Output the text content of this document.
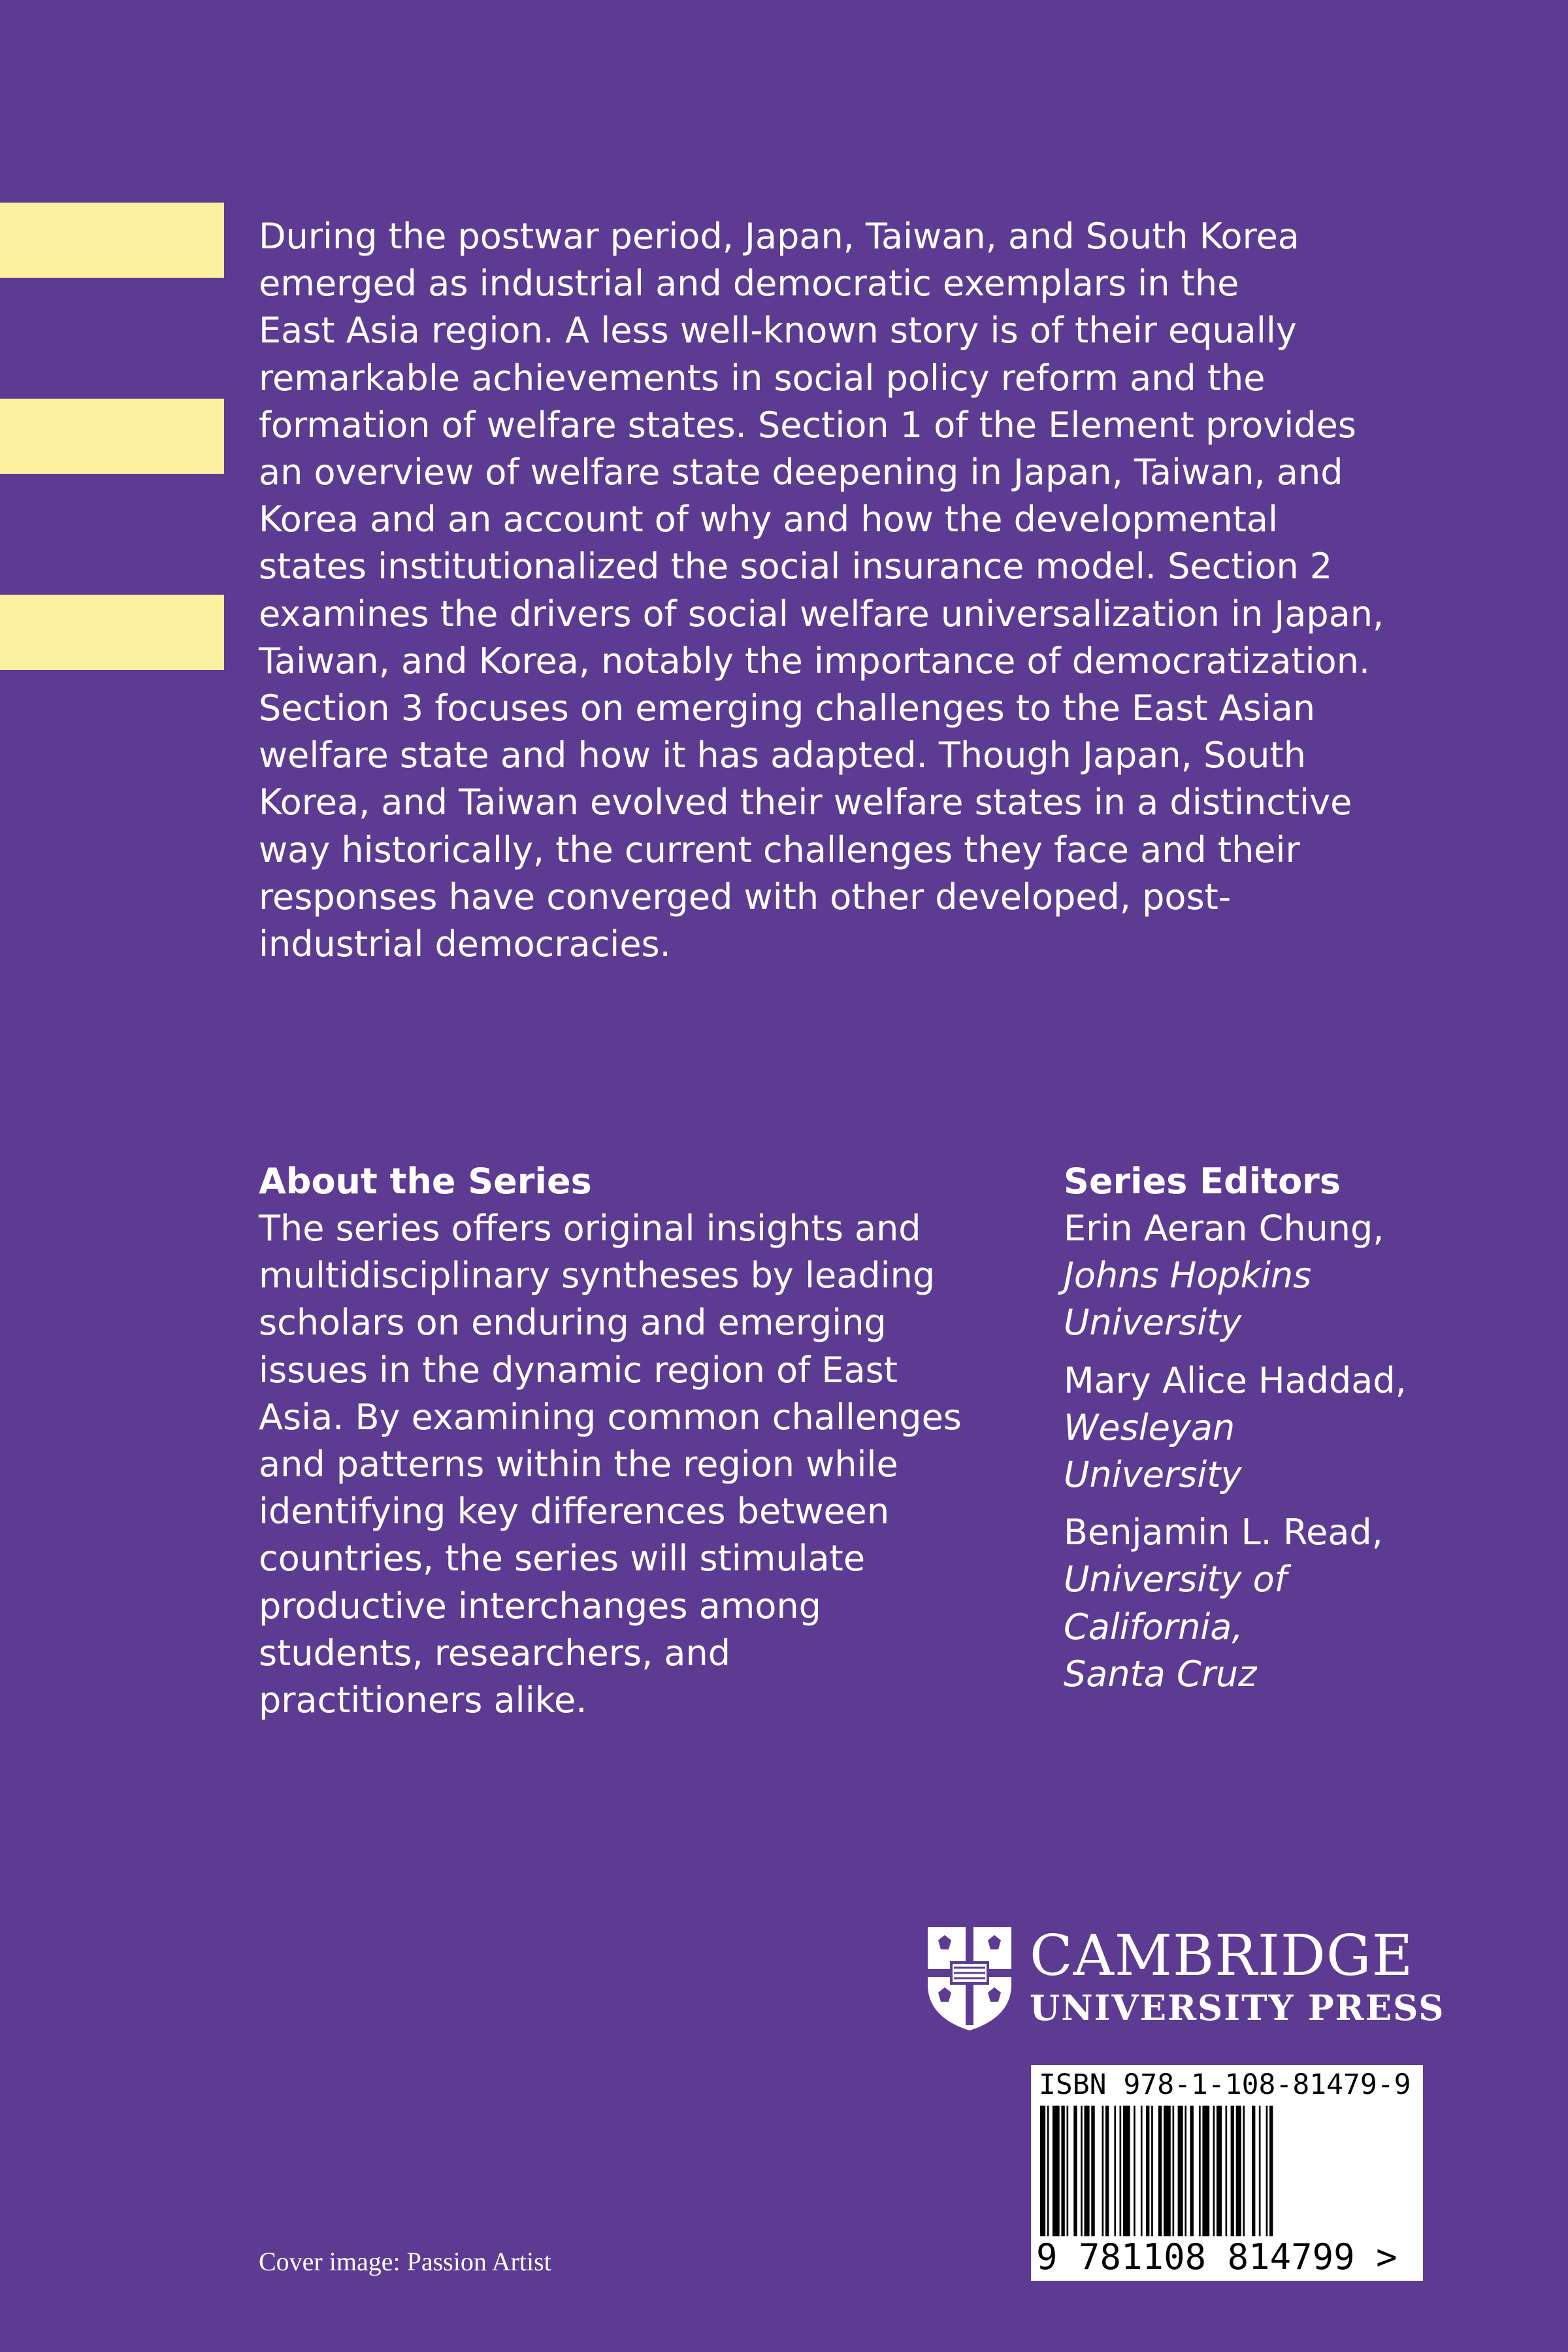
During the postwar period, Japan, Taiwan, and South Korea
emerged as industrial and democratic exemplars in the
East Asia region. A less well-known story is of their equally
remarkable achievements in social policy reform and the
formation of welfare states. Section 1 of the Element provides
an overview of welfare state deepening in Japan, Taiwan, and
Korea and an account of why and how the developmental
states institutionalized the social insurance model. Section 2
examines the drivers of social welfare universalization in Japan,
Taiwan, and Korea, notably the importance of democratization.
Section 3 focuses on emerging challenges to the East Asian
welfare state and how it has adapted. Though Japan, South
Korea, and Taiwan evolved their welfare states in a distinctive
way historically, the current challenges they face and their
responses have converged with other developed, post-
industrial democracies.

About the Series

The series offers original insights and
multidisciplinary syntheses by leading
scholars on enduring and emerging
issues in the dynamic region of East
Asia. By examining common challenges
and patterns within the region while
identifying key differences between
countries, the series will stimulate
productive interchanges among
students, researchers, and
practitioners alike.

Series Editors

Erin Aeran Chung,
Johns Hopkins
University

Mary Alice Haddad,
Wesleyan
University

Benjamin L. Read,
University of
California,
Santa Cruz

CAMBRIDGE
UNIVERSITY PRESS
ISBN 978-1-108-81479-9
9 781108 814799 >
Cover image: Passion Artist
